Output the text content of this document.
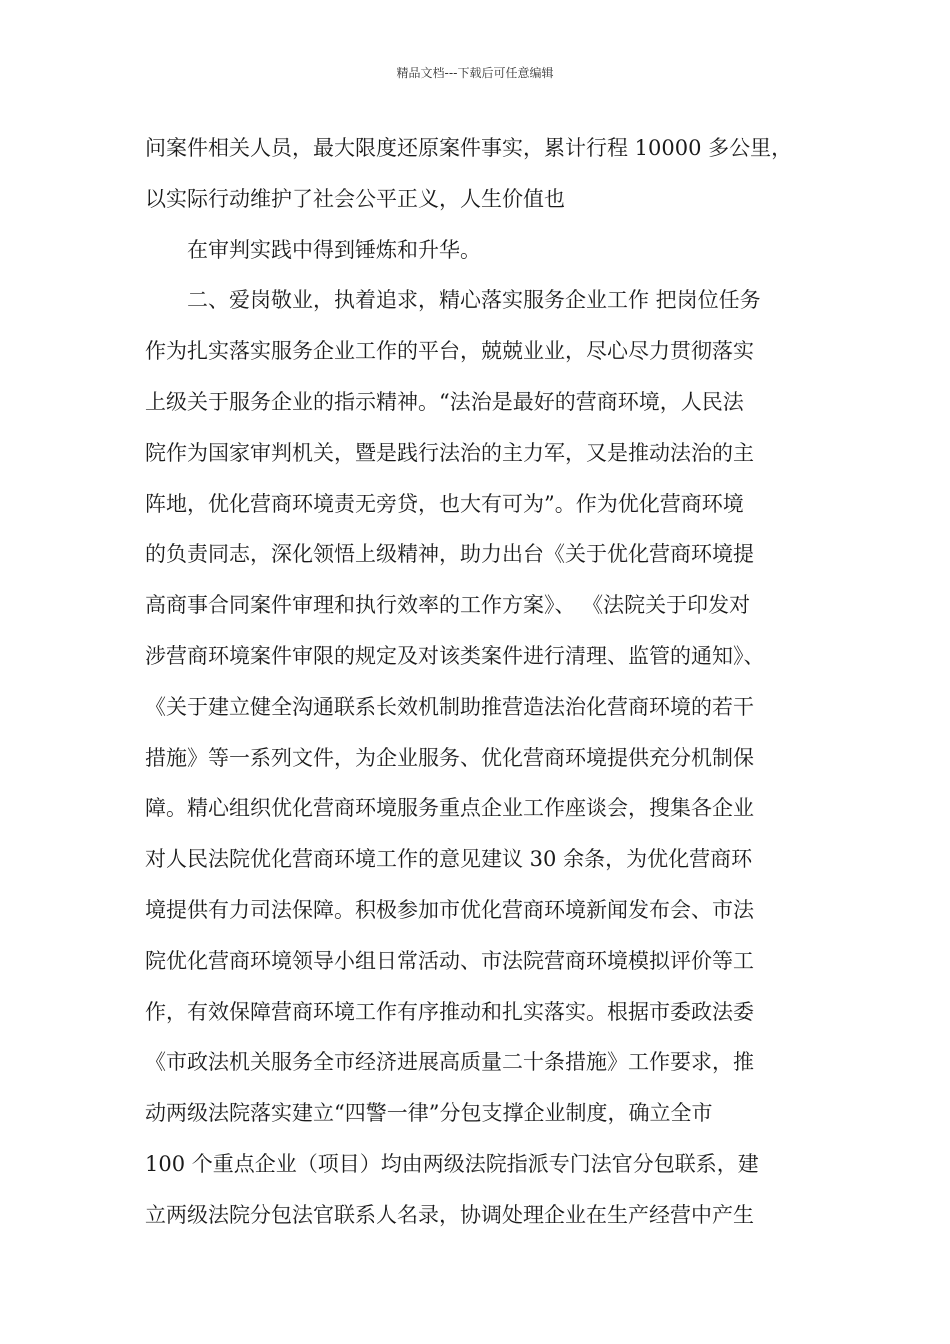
精品文档---下载后可任意编辑
问案件相关人员，最大限度还原案件事实，累计行程 10000 多公里，
以实际行动维护了社会公平正义，人生价值也
在审判实践中得到锤炼和升华。
二、爱岗敬业，执着追求，精心落实服务企业工作 把岗位任务
作为扎实落实服务企业工作的平台，兢兢业业，尽心尽力贯彻落实
上级关于服务企业的指示精神。“法治是最好的营商环境，人民法
院作为国家审判机关，暨是践行法治的主力军，又是推动法治的主
阵地，优化营商环境责无旁贷，也大有可为”。作为优化营商环境
的负责同志，深化领悟上级精神，助力出台《关于优化营商环境提
高商事合同案件审理和执行效率的工作方案》、 《法院关于印发对
涉营商环境案件审限的规定及对该类案件进行清理、监管的通知》、
《关于建立健全沟通联系长效机制助推营造法治化营商环境的若干
措施》等一系列文件，为企业服务、优化营商环境提供充分机制保
障。精心组织优化营商环境服务重点企业工作座谈会，搜集各企业
对人民法院优化营商环境工作的意见建议 30 余条，为优化营商环
境提供有力司法保障。积极参加市优化营商环境新闻发布会、市法
院优化营商环境领导小组日常活动、市法院营商环境模拟评价等工
作，有效保障营商环境工作有序推动和扎实落实。根据市委政法委
《市政法机关服务全市经济进展高质量二十条措施》工作要求，推
动两级法院落实建立“四警一律”分包支撑企业制度，确立全市
100 个重点企业（项目）均由两级法院指派专门法官分包联系，建
立两级法院分包法官联系人名录，协调处理企业在生产经营中产生
